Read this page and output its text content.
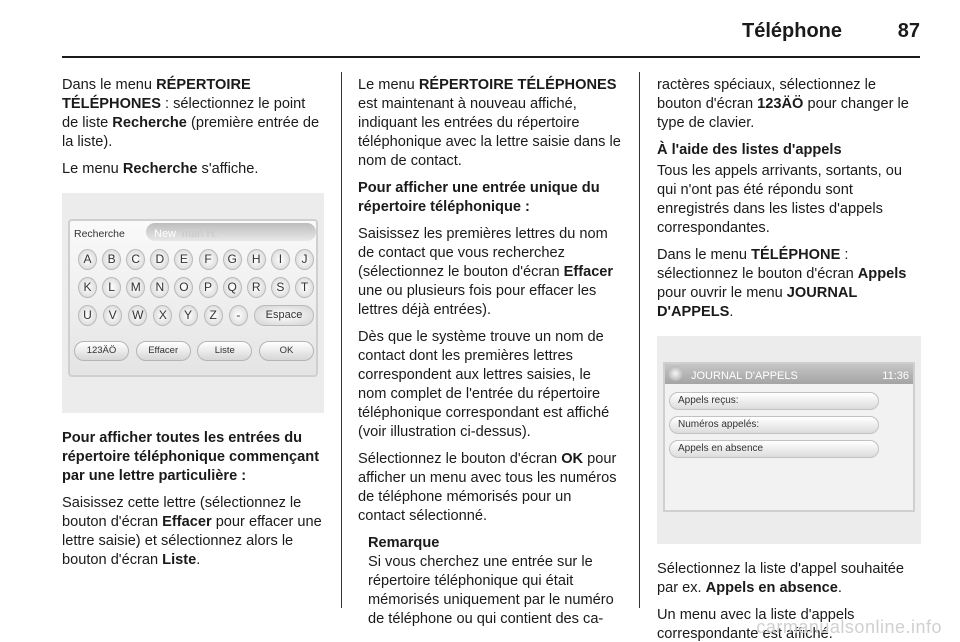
Téléphone	87

Dans le menu RÉPERTOIRE TÉLÉPHONES : sélectionnez le point de liste Recherche (première entrée de la liste).

Le menu Recherche s'affiche.

Recherche	New man H.
A	B	C	D	E	F	G	H	I	J
K	L	M	N	O	P	Q	R	S	T
U	V	W	X	Y	Z	-	Espace
123ÄÖ	Effacer	Liste	OK

Pour afficher toutes les entrées du répertoire téléphonique commençant par une lettre particulière :

Saisissez cette lettre (sélectionnez le bouton d'écran Effacer pour effacer une lettre saisie) et sélectionnez alors le bouton d'écran Liste.

Le menu RÉPERTOIRE TÉLÉPHONES est maintenant à nouveau affiché, indiquant les entrées du répertoire téléphonique avec la lettre saisie dans le nom de contact.

Pour afficher une entrée unique du répertoire téléphonique :

Saisissez les premières lettres du nom de contact que vous recherchez (sélectionnez le bouton d'écran Effacer une ou plusieurs fois pour effacer les lettres déjà entrées).

Dès que le système trouve un nom de contact dont les premières lettres correspondent aux lettres saisies, le nom complet de l'entrée du répertoire téléphonique correspondant est affiché (voir illustration ci-dessus).

Sélectionnez le bouton d'écran OK pour afficher un menu avec tous les numéros de téléphone mémorisés pour un contact sélectionné.

Remarque
Si vous cherchez une entrée sur le répertoire téléphonique qui était mémorisés uniquement par le numéro de téléphone ou qui contient des ca-

ractères spéciaux, sélectionnez le bouton d'écran 123ÄÖ pour changer le type de clavier.

À l'aide des listes d'appels

Tous les appels arrivants, sortants, ou qui n'ont pas été répondu sont enregistrés dans les listes d'appels correspondantes.

Dans le menu TÉLÉPHONE : sélectionnez le bouton d'écran Appels pour ouvrir le menu JOURNAL D'APPELS.

JOURNAL D'APPELS	11:36
Appels reçus:
Numéros appelés:
Appels en absence

Sélectionnez la liste d'appel souhaitée par ex. Appels en absence.

Un menu avec la liste d'appels correspondante est affiché.

carmanualsonline.info
